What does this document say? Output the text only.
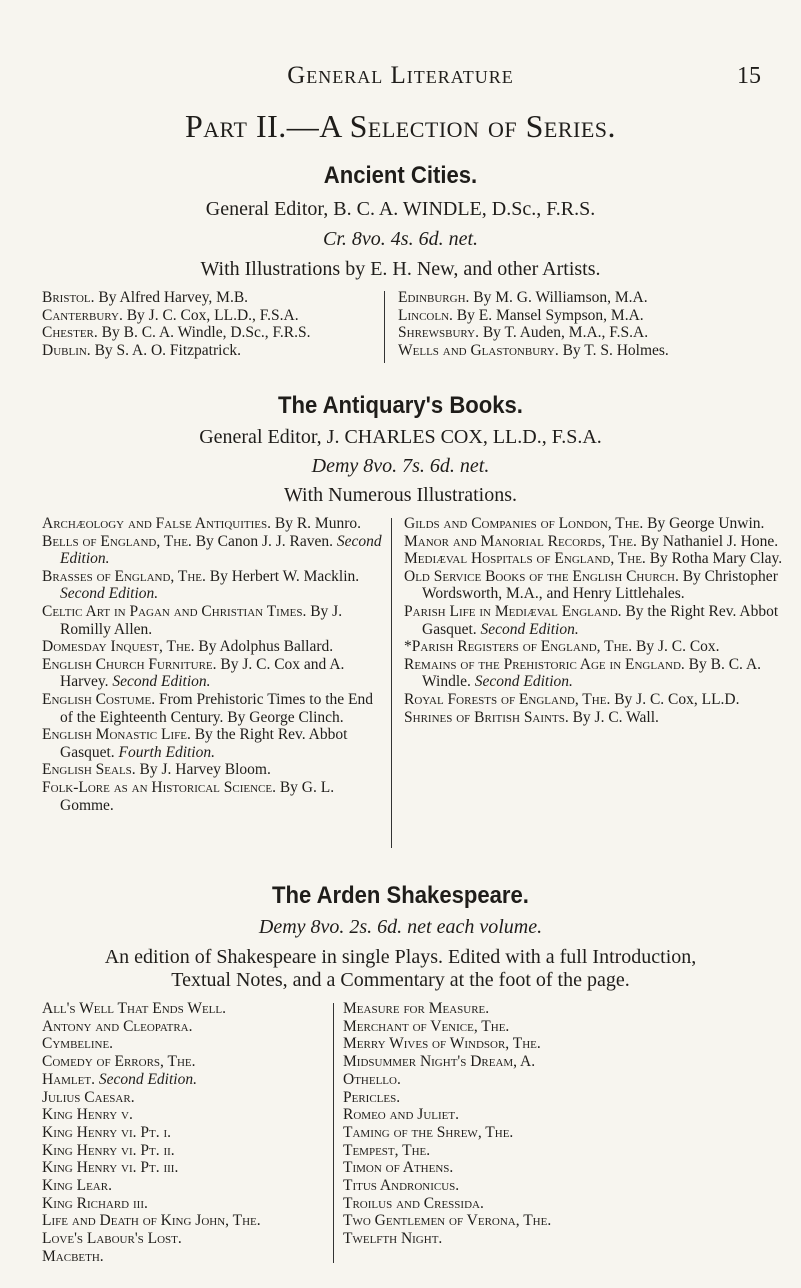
General Literature	15
Part II.—A Selection of Series.
Ancient Cities.
General Editor, B. C. A. WINDLE, D.Sc., F.R.S.
Cr. 8vo. 4s. 6d. net.
With Illustrations by E. H. New, and other Artists.

Bristol. By Alfred Harvey, M.B.

Canterbury. By J. C. Cox, LL.D., F.S.A.

Chester. By B. C. A. Windle, D.Sc., F.R.S.

Dublin. By S. A. O. Fitzpatrick.

Edinburgh. By M. G. Williamson, M.A.

Lincoln. By E. Mansel Sympson, M.A.

Shrewsbury. By T. Auden, M.A., F.S.A.

Wells and Glastonbury. By T. S. Holmes.

The Antiquary's Books.
General Editor, J. CHARLES COX, LL.D., F.S.A.
Demy 8vo. 7s. 6d. net.
With Numerous Illustrations.

Archæology and False Antiquities. By R. Munro.

Bells of England, The. By Canon J. J. Raven. Second Edition.

Brasses of England, The. By Herbert W. Macklin. Second Edition.

Celtic Art in Pagan and Christian Times. By J. Romilly Allen.

Domesday Inquest, The. By Adolphus Ballard.

English Church Furniture. By J. C. Cox and A. Harvey. Second Edition.

English Costume. From Prehistoric Times to the End of the Eighteenth Century. By George Clinch.

English Monastic Life. By the Right Rev. Abbot Gasquet. Fourth Edition.

English Seals. By J. Harvey Bloom.

Folk-Lore as an Historical Science. By G. L. Gomme.

Gilds and Companies of London, The. By George Unwin.

Manor and Manorial Records, The. By Nathaniel J. Hone.

Mediæval Hospitals of England, The. By Rotha Mary Clay.

Old Service Books of the English Church. By Christopher Wordsworth, M.A., and Henry Littlehales.

Parish Life in Mediæval England. By the Right Rev. Abbot Gasquet. Second Edition.

*Parish Registers of England, The. By J. C. Cox.

Remains of the Prehistoric Age in England. By B. C. A. Windle. Second Edition.

Royal Forests of England, The. By J. C. Cox, LL.D.

Shrines of British Saints. By J. C. Wall.

The Arden Shakespeare.
Demy 8vo. 2s. 6d. net each volume.
An edition of Shakespeare in single Plays. Edited with a full Introduction,
Textual Notes, and a Commentary at the foot of the page.

All's Well That Ends Well.

Antony and Cleopatra.

Cymbeline.

Comedy of Errors, The.

Hamlet. Second Edition.

Julius Caesar.

King Henry v.

King Henry vi. Pt. i.

King Henry vi. Pt. ii.

King Henry vi. Pt. iii.

King Lear.

King Richard iii.

Life and Death of King John, The.

Love's Labour's Lost.

Macbeth.

Measure for Measure.

Merchant of Venice, The.

Merry Wives of Windsor, The.

Midsummer Night's Dream, A.

Othello.

Pericles.

Romeo and Juliet.

Taming of the Shrew, The.

Tempest, The.

Timon of Athens.

Titus Andronicus.

Troilus and Cressida.

Two Gentlemen of Verona, The.

Twelfth Night.
